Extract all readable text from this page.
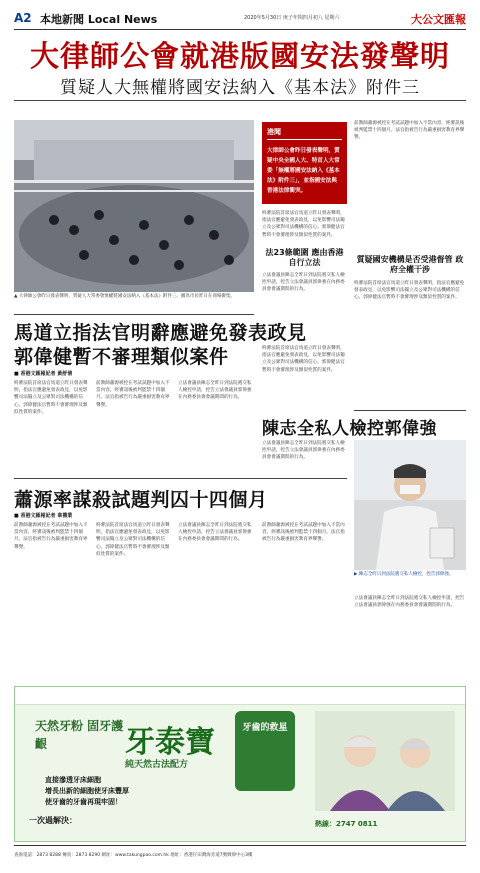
A2 本地新聞 Local News	2020年5月30日 庚子年閏四月初八 星期六	大公文匯報
大律師公會就港版國安法發聲明
質疑人大無權將國安法納入《基本法》附件三
▲ 大律師公會昨日發表聲明，質疑人大常委會無權將國安法納入《基本法》附件三。圖為市民昨日在商場聚集。
港聞
大律師公會昨日發表聲明，質疑中央全國人大、特首人大常委「無權將國安法納入《基本法》附件三」，並指國安法與香港法律衝突。
終審法院首席法官馬道立昨日發表聲明，指法官應避免發表政見，以免影響司法獨立及公眾對司法機構的信心。郭偉健法官暫時不會審理涉及類似性質的案件。
法23條範圍 應由香港自行立法
立法會議員陳志全昨日到法院遞交私人檢控申請，控告立法會議員郭偉強在內務委員會會議期間的行為。
前教師蕭源被控在考試試題中加入不當內容，經審訊後被判監禁十四個月。法官指被告行為嚴重損害教育界聲譽。
質疑國安機構是否受港督管 政府全權干涉
終審法院首席法官馬道立昨日發表聲明，指法官應避免發表政見，以免影響司法獨立及公眾對司法機構的信心。郭偉健法官暫時不會審理涉及類似性質的案件。
馬道立指法官明辭應避免發表政見
郭偉健暫不審理類似案件
■ 香港文匯報記者 黃舒倩
終審法院首席法官馬道立昨日發表聲明，指法官應避免發表政見，以免影響司法獨立及公眾對司法機構的信心。郭偉健法官暫時不會審理涉及類似性質的案件。
前教師蕭源被控在考試試題中加入不當內容，經審訊後被判監禁十四個月。法官指被告行為嚴重損害教育界聲譽。
立法會議員陳志全昨日到法院遞交私人檢控申請，控告立法會議員郭偉強在內務委員會會議期間的行為。
終審法院首席法官馬道立昨日發表聲明，指法官應避免發表政見，以免影響司法獨立及公眾對司法機構的信心。郭偉健法官暫時不會審理涉及類似性質的案件。
蕭源率謀殺試題判囚十四個月
■ 香港文匯報記者 韋禮業
前教師蕭源被控在考試試題中加入不當內容，經審訊後被判監禁十四個月。法官指被告行為嚴重損害教育界聲譽。
終審法院首席法官馬道立昨日發表聲明，指法官應避免發表政見，以免影響司法獨立及公眾對司法機構的信心。郭偉健法官暫時不會審理涉及類似性質的案件。
立法會議員陳志全昨日到法院遞交私人檢控申請，控告立法會議員郭偉強在內務委員會會議期間的行為。
前教師蕭源被控在考試試題中加入不當內容，經審訊後被判監禁十四個月。法官指被告行為嚴重損害教育界聲譽。
陳志全私人檢控郭偉強
立法會議員陳志全昨日到法院遞交私人檢控申請，控告立法會議員郭偉強在內務委員會會議期間的行為。
▶ 陳志全昨日到法院遞交私人檢控，控告郭偉強。
立法會議員陳志全昨日到法院遞交私人檢控申請，控告立法會議員郭偉強在內務委員會會議期間的行為。
天然牙粉 固牙護齦	牙泰寶
純天然古法配方
直接滲透牙床細胞
增長出新的細胞使牙床豐厚
使牙齒的牙齒再現牢固！
一次過解決：
牙齒的救星
熱線：2747 0811
查詢電話：2873 8288 傳真：2873 8290 網址：www.takungpao.com.hk 地址：香港仔田灣海旁道7號興偉中心3樓
